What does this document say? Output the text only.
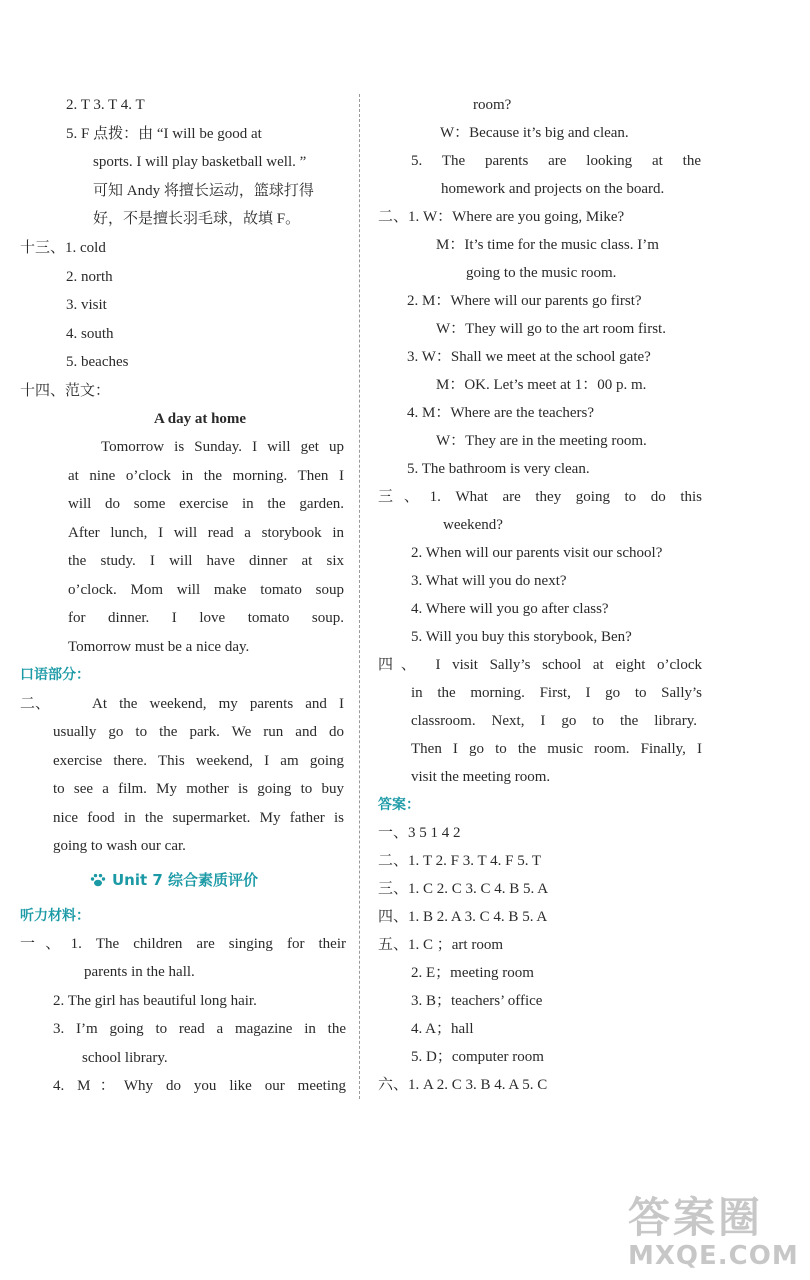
2. T 3. T 4. T
5. F 点拨：由 “I will be good at
sports. I will play basketball well. ”
可知 Andy 将擅长运动，篮球打得
好，不是擅长羽毛球，故填 F。
十三、1. cold
2. north
3. visit
4. south
5. beaches
十四、范文：
A day at home
Tomorrow is Sunday. I will get up
at nine o’clock in the morning. Then I
will do some exercise in the garden.
After lunch, I will read a storybook in
the study. I will have dinner at six
o’clock. Mom will make tomato soup
for dinner. I love tomato soup.
Tomorrow must be a nice day.
口语部分：
二、	At the weekend, my parents and I
usually go to the park. We run and do
exercise there. This weekend, I am going
to see a film. My mother is going to buy
nice food in the supermarket. My father is
going to wash our car.
Unit 7 综合素质评价
听力材料：
一、1. The children are singing for their
parents in the hall.
2. The girl has beautiful long hair.
3. I’m going to read a magazine in the
school library.
4. M：Why do you like our meeting
room?
W：Because it’s big and clean.
5. The parents are looking at the
homework and projects on the board.
二、1. W：Where are you going, Mike?
M：It’s time for the music class. I’m
going to the music room.
2. M：Where will our parents go first?
W：They will go to the art room first.
3. W：Shall we meet at the school gate?
M：OK. Let’s meet at 1：00 p. m.
4. M：Where are the teachers?
W：They are in the meeting room.
5. The bathroom is very clean.
三、1. What are they going to do this
weekend?
2. When will our parents visit our school?
3. What will you do next?
4. Where will you go after class?
5. Will you buy this storybook, Ben?
四、 I visit Sally’s school at eight o’clock
in the morning. First, I go to Sally’s
classroom. Next, I go to the library.
Then I go to the music room. Finally, I
visit the meeting room.
答案：
一、3 5 1 4 2
二、1. T 2. F 3. T 4. F 5. T
三、1. C 2. C 3. C 4. B 5. A
四、1. B 2. A 3. C 4. B 5. A
五、1. C ；art room
2. E；meeting room
3. B；teachers’ office
4. A；hall
5. D；computer room
六、1. A 2. C 3. B 4. A 5. C
答案圈
MXQE.COM
